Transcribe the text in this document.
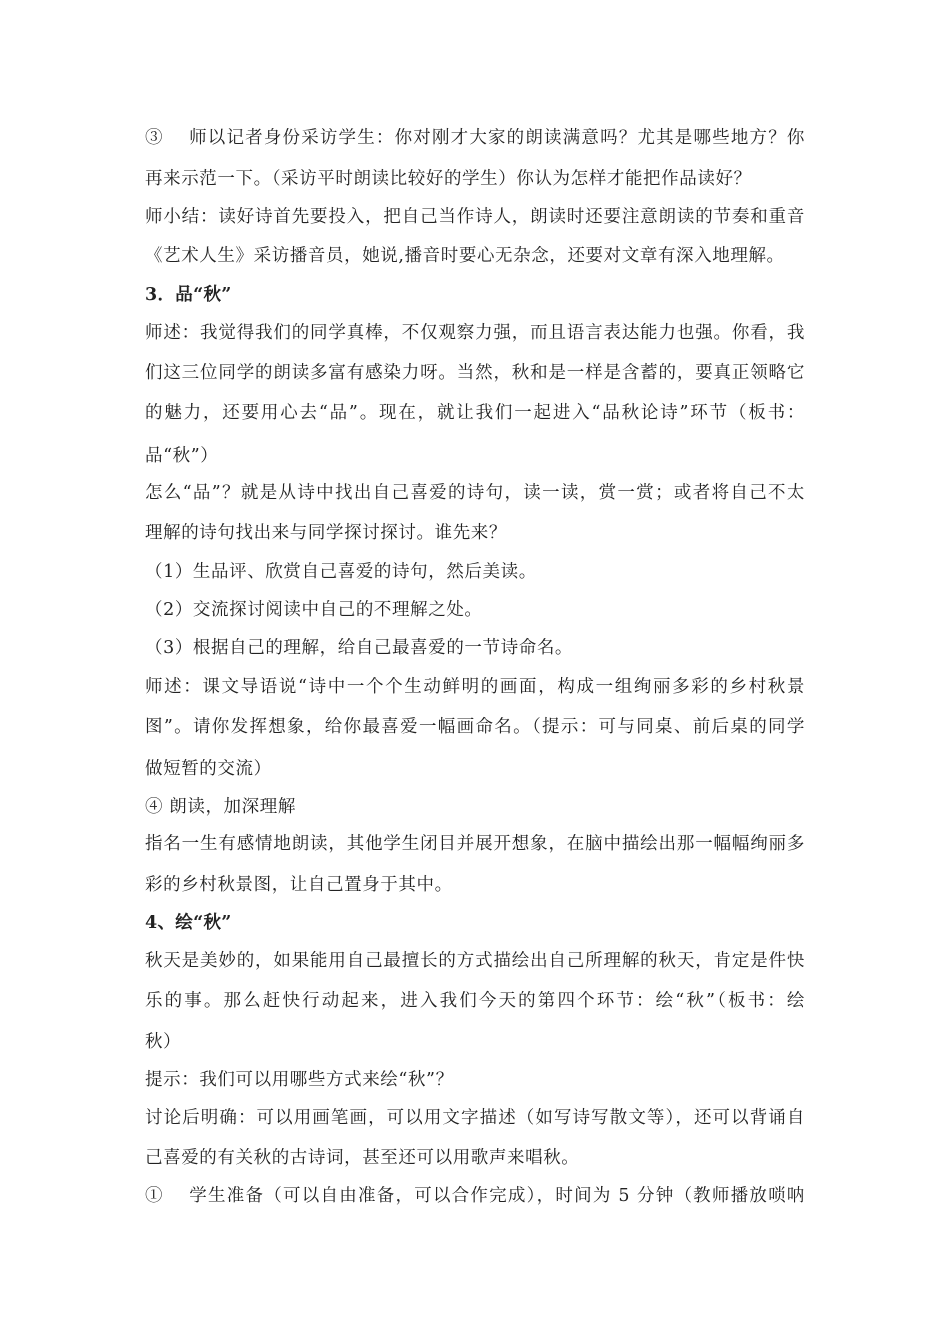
③　 师以记者身份采访学生：你对刚才大家的朗读满意吗？尤其是哪些地方？你
再来示范一下。（采访平时朗读比较好的学生）你认为怎样才能把作品读好？
师小结：读好诗首先要投入，把自己当作诗人，朗读时还要注意朗读的节奏和重音
《艺术人生》采访播音员，她说,播音时要心无杂念，还要对文章有深入地理解。
3．品“秋”
师述：我觉得我们的同学真棒，不仅观察力强，而且语言表达能力也强。你看，我
们这三位同学的朗读多富有感染力呀。当然，秋和是一样是含蓄的，要真正领略它
的魅力，还要用心去“品”。现在，就让我们一起进入“品秋论诗”环节（板书：
品“秋”）
怎么“品”？就是从诗中找出自己喜爱的诗句，读一读，赏一赏；或者将自己不太
理解的诗句找出来与同学探讨探讨。谁先来？
（1）生品评、欣赏自己喜爱的诗句，然后美读。
（2）交流探讨阅读中自己的不理解之处。
（3）根据自己的理解，给自己最喜爱的一节诗命名。
师述：课文导语说“诗中一个个生动鲜明的画面，构成一组绚丽多彩的乡村秋景
图”。请你发挥想象，给你最喜爱一幅画命名。（提示：可与同桌、前后桌的同学
做短暂的交流）
④ 朗读，加深理解
指名一生有感情地朗读，其他学生闭目并展开想象，在脑中描绘出那一幅幅绚丽多
彩的乡村秋景图，让自己置身于其中。
4、绘“秋”
秋天是美妙的，如果能用自己最擅长的方式描绘出自己所理解的秋天，肯定是件快
乐的事。那么赶快行动起来，进入我们今天的第四个环节：绘“秋”（板书：绘
秋）
提示：我们可以用哪些方式来绘“秋”？
讨论后明确：可以用画笔画，可以用文字描述（如写诗写散文等），还可以背诵自
己喜爱的有关秋的古诗词，甚至还可以用歌声来唱秋。
①　 学生准备（可以自由准备，可以合作完成），时间为 5 分钟（教师播放唢呐
